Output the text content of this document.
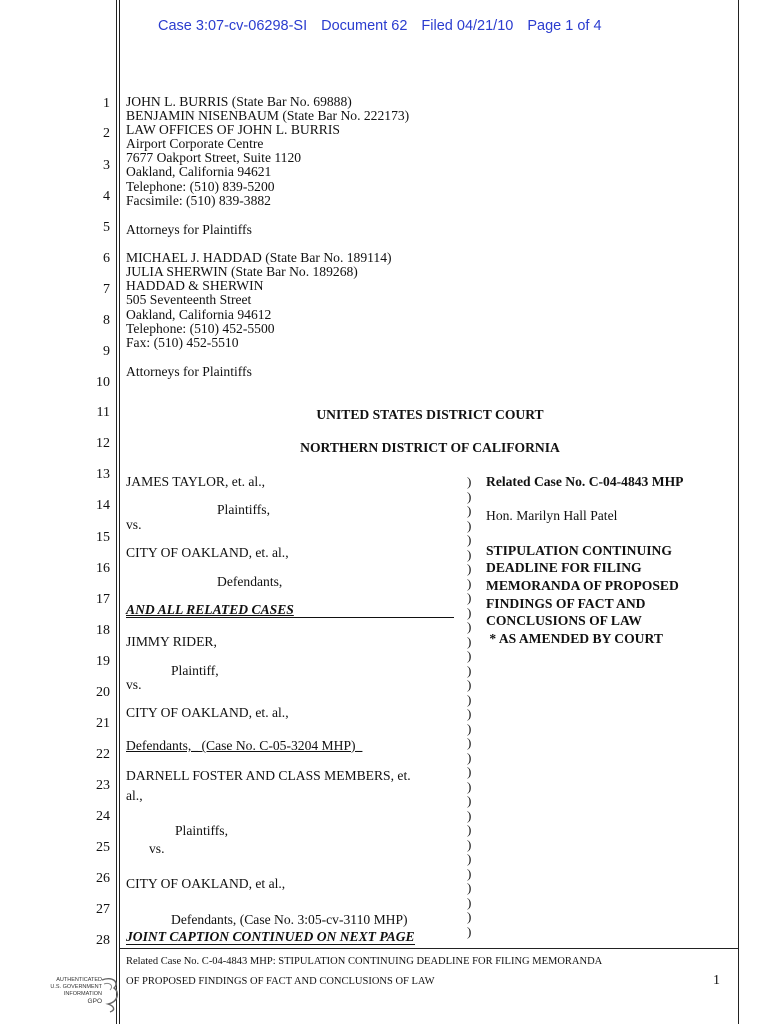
Case 3:07-cv-06298-SI Document 62 Filed 04/21/10 Page 1 of 4
1
2
3
4
5
6
7
8
9
10
11
12
13
14
15
16
17
18
19
20
21
22
23
24
25
26
27
28
JOHN L. BURRIS (State Bar No. 69888)
BENJAMIN NISENBAUM (State Bar No. 222173)
LAW OFFICES OF JOHN L. BURRIS
Airport Corporate Centre
7677 Oakport Street, Suite 1120
Oakland, California 94621
Telephone: (510) 839-5200
Facsimile: (510) 839-3882
Attorneys for Plaintiffs
MICHAEL J. HADDAD (State Bar No. 189114)
JULIA SHERWIN (State Bar No. 189268)
HADDAD & SHERWIN
505 Seventeenth Street
Oakland, California 94612
Telephone: (510) 452-5500
Fax: (510) 452-5510
Attorneys for Plaintiffs
UNITED STATES DISTRICT COURT
NORTHERN DISTRICT OF CALIFORNIA
JAMES TAYLOR, et. al.,
Plaintiffs,
vs.
CITY OF OAKLAND, et. al.,
Defendants,
AND ALL RELATED CASES
JIMMY RIDER,
Plaintiff,
vs.
CITY OF OAKLAND, et. al.,
Defendants,_ (Case No. C-05-3204 MHP)_
DARNELL FOSTER AND CLASS MEMBERS, et.
al.,
Plaintiffs,
vs.
CITY OF OAKLAND, et al.,
Defendants, (Case No. 3:05-cv-3110 MHP)
JOINT CAPTION CONTINUED ON NEXT PAGE
)
)
)
)
)
)
)
)
)
)
)
)
)
)
)
)
)
)
)
)
)
)
)
)
)
)
)
)
)
)
)
)
Related Case No. C-04-4843 MHP
Hon. Marilyn Hall Patel
STIPULATION CONTINUING
DEADLINE FOR FILING
MEMORANDA OF PROPOSED
FINDINGS OF FACT AND
CONCLUSIONS OF LAW
* AS AMENDED BY COURT
Related Case No. C-04-4843 MHP: STIPULATION CONTINUING DEADLINE FOR FILING MEMORANDA
OF PROPOSED FINDINGS OF FACT AND CONCLUSIONS OF LAW	1
AUTHENTICATED
U.S. GOVERNMENT
INFORMATION
GPO
